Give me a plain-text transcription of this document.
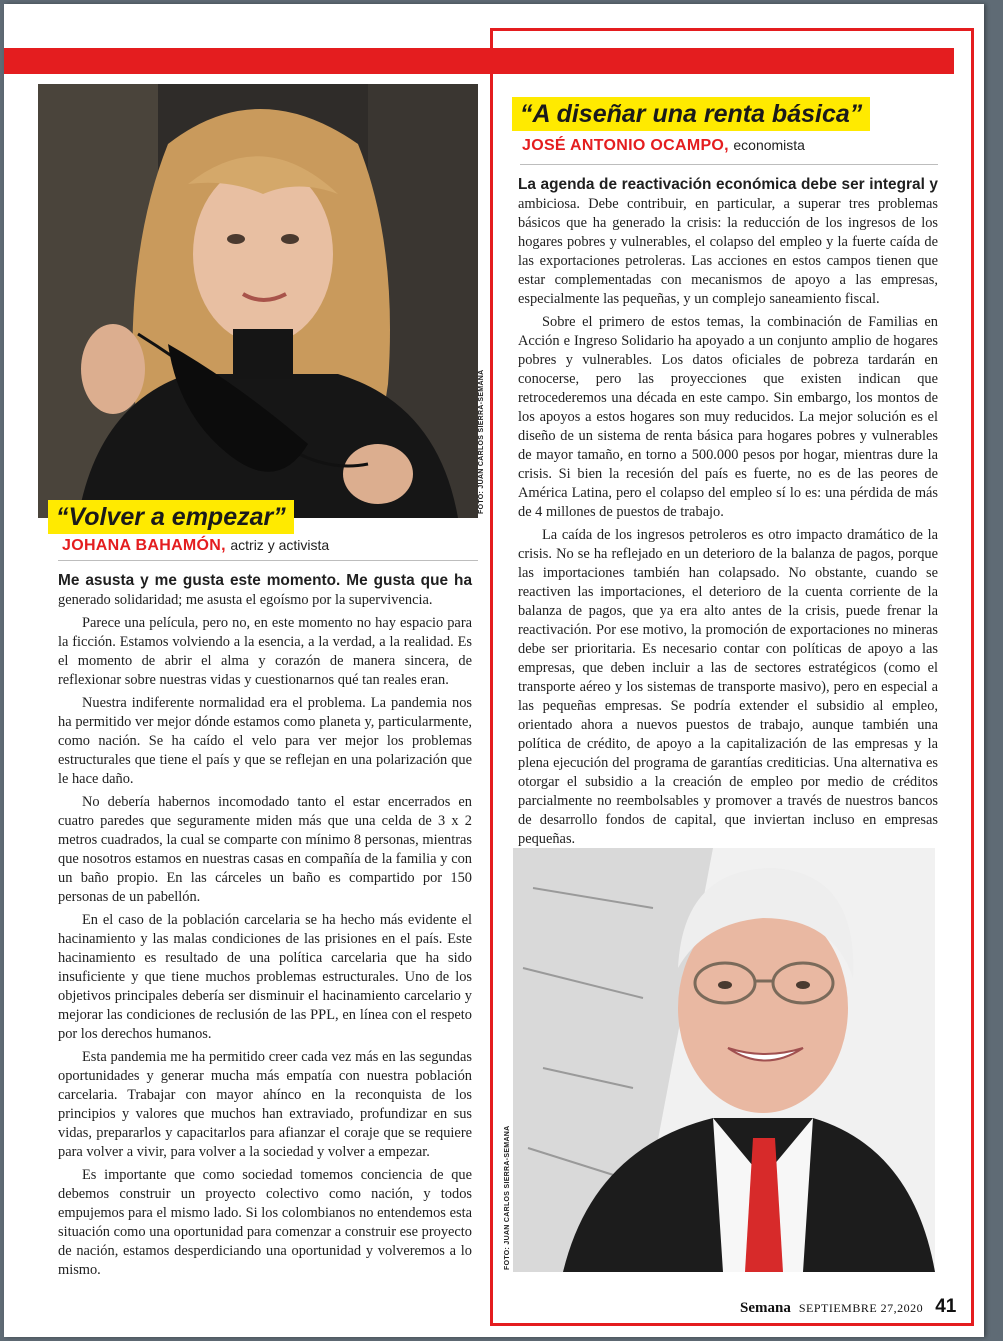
FOTO: JUAN CARLOS SIERRA-SEMANA
“Volver a empezar”
JOHANA BAHAMÓN, actriz y activista

Me asusta y me gusta este momento. Me gusta que ha generado solidaridad; me asusta el egoísmo por la supervivencia.

Parece una película, pero no, en este momento no hay espacio para la ficción. Estamos volviendo a la esencia, a la verdad, a la realidad. Es el momento de abrir el alma y corazón de manera sincera, de reflexionar sobre nuestras vidas y cuestionarnos qué tan reales eran.

Nuestra indiferente normalidad era el problema. La pandemia nos ha permitido ver mejor dónde estamos como planeta y, particularmente, como nación. Se ha caído el velo para ver mejor los problemas estructurales que tiene el país y que se reflejan en una polarización que le hace daño.

No debería habernos incomodado tanto el estar encerrados en cuatro paredes que seguramente miden más que una celda de 3 x 2 metros cuadrados, la cual se comparte con mínimo 8 personas, mientras que nosotros estamos en nuestras casas en compañía de la familia y con un baño propio. En las cárceles un baño es compartido por 150 personas de un pabellón.

En el caso de la población carcelaria se ha hecho más evidente el hacinamiento y las malas condiciones de las prisiones en el país. Este hacinamiento es resultado de una política carcelaria que ha sido insuficiente y que tiene muchos problemas estructurales. Uno de los objetivos principales debería ser disminuir el hacinamiento carcelario y mejorar las condiciones de reclusión de las PPL, en línea con el respeto por los derechos humanos.

Esta pandemia me ha permitido creer cada vez más en las segundas oportunidades y generar mucha más empatía con nuestra población carcelaria. Trabajar con mayor ahínco en la reconquista de los principios y valores que muchos han extraviado, profundizar en sus vidas, prepararlos y capacitarlos para afianzar el coraje que se requiere para volver a vivir, para volver a la sociedad y volver a empezar.

Es importante que como sociedad tomemos conciencia de que debemos construir un proyecto colectivo como nación, y todos empujemos para el mismo lado. Si los colombianos no entendemos esta situación como una oportunidad para comenzar a construir ese proyecto de nación, estamos desperdiciando una oportunidad y volveremos a lo mismo.

“A diseñar una renta básica”
JOSÉ ANTONIO OCAMPO, economista

La agenda de reactivación económica debe ser integral y ambiciosa. Debe contribuir, en particular, a superar tres problemas básicos que ha generado la crisis: la reducción de los ingresos de los hogares pobres y vulnerables, el colapso del empleo y la fuerte caída de las exportaciones petroleras. Las acciones en estos campos tienen que estar complementadas con mecanismos de apoyo a las empresas, especialmente las pequeñas, y un complejo saneamiento fiscal.

Sobre el primero de estos temas, la combinación de Familias en Acción e Ingreso Solidario ha apoyado a un conjunto amplio de hogares pobres y vulnerables. Los datos oficiales de pobreza tardarán en conocerse, pero las proyecciones que existen indican que retrocederemos una década en este campo. Sin embargo, los montos de los apoyos a estos hogares son muy reducidos. La mejor solución es el diseño de un sistema de renta básica para hogares pobres y vulnerables de mayor tamaño, en torno a 500.000 pesos por hogar, mientras dure la crisis. Si bien la recesión del país es fuerte, no es de las peores de América Latina, pero el colapso del empleo sí lo es: una pérdida de más de 4 millones de puestos de trabajo.

La caída de los ingresos petroleros es otro impacto dramático de la crisis. No se ha reflejado en un deterioro de la balanza de pagos, porque las importaciones también han colapsado. No obstante, cuando se reactiven las importaciones, el deterioro de la cuenta corriente de la balanza de pagos, que ya era alto antes de la crisis, puede frenar la reactivación. Por ese motivo, la promoción de exportaciones no mineras debe ser prioritaria. Es necesario contar con políticas de apoyo a las empresas, que deben incluir a las de sectores estratégicos (como el transporte aéreo y los sistemas de transporte masivo), pero en especial a las pequeñas empresas. Se podría extender el subsidio al empleo, orientado ahora a nuevos puestos de trabajo, aunque también una política de crédito, de apoyo a la capitalización de las empresas y la plena ejecución del programa de garantías crediticias. Una alternativa es otorgar el subsidio a la creación de empleo por medio de créditos parcialmente no reembolsables y promover a través de nuestros bancos de desarrollo fondos de capital, que inviertan incluso en empresas pequeñas.

FOTO: JUAN CARLOS SIERRA-SEMANA
Semana SEPTIEMBRE 27,2020 41
